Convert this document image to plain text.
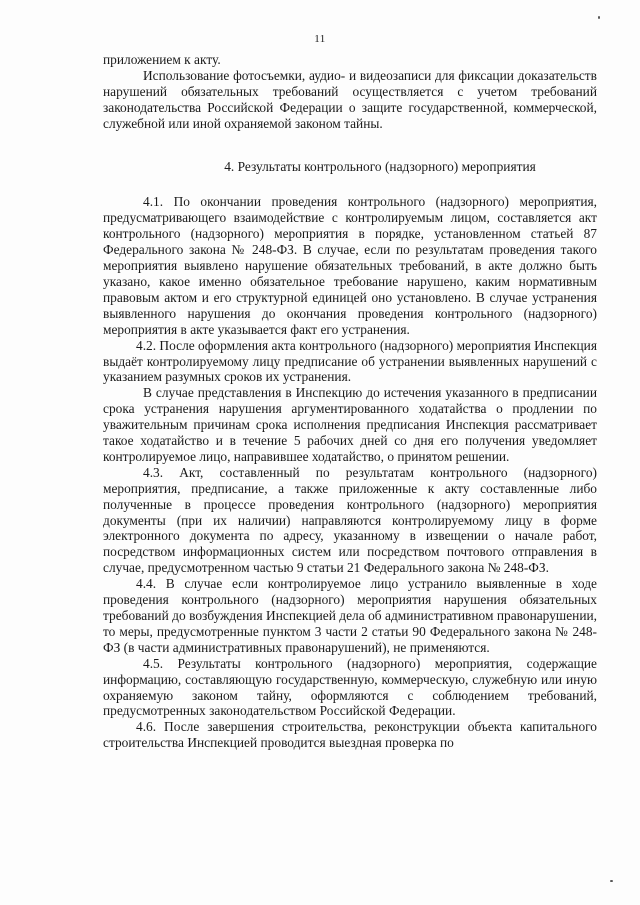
11

приложением к акту.

Использование фотосъемки, аудио- и видеозаписи для фиксации доказательств нарушений обязательных требований осуществляется с учетом требований законодательства Российской Федерации о защите государственной, коммерческой, служебной или иной охраняемой законом тайны.

4. Результаты контрольного (надзорного) мероприятия

4.1. По окончании проведения контрольного (надзорного) мероприятия, предусматривающего взаимодействие с контролируемым лицом, составляется акт контрольного (надзорного) мероприятия в порядке, установленном статьей 87 Федерального закона № 248-ФЗ. В случае, если по результатам проведения такого мероприятия выявлено нарушение обязательных требований, в акте должно быть указано, какое именно обязательное требование нарушено, каким нормативным правовым актом и его структурной единицей оно установлено. В случае устранения выявленного нарушения до окончания проведения контрольного (надзорного) мероприятия в акте указывается факт его устранения.

4.2. После оформления акта контрольного (надзорного) мероприятия Инспекция выдаёт контролируемому лицу предписание об устранении выявленных нарушений с указанием разумных сроков их устранения.

В случае представления в Инспекцию до истечения указанного в предписании срока устранения нарушения аргументированного ходатайства о продлении по уважительным причинам срока исполнения предписания Инспекция рассматривает такое ходатайство и в течение 5 рабочих дней со дня его получения уведомляет контролируемое лицо, направившее ходатайство, о принятом решении.

4.3. Акт, составленный по результатам контрольного (надзорного) мероприятия, предписание, а также приложенные к акту составленные либо полученные в процессе проведения контрольного (надзорного) мероприятия документы (при их наличии) направляются контролируемому лицу в форме электронного документа по адресу, указанному в извещении о начале работ, посредством информационных систем или посредством почтового отправления в случае, предусмотренном частью 9 статьи 21 Федерального закона № 248-ФЗ.

4.4. В случае если контролируемое лицо устранило выявленные в ходе проведения контрольного (надзорного) мероприятия нарушения обязательных требований до возбуждения Инспекцией дела об административном правонарушении, то меры, предусмотренные пунктом 3 части 2 статьи 90 Федерального закона № 248-ФЗ (в части административных правонарушений), не применяются.

4.5. Результаты контрольного (надзорного) мероприятия, содержащие информацию, составляющую государственную, коммерческую, служебную или иную охраняемую законом тайну, оформляются с соблюдением требований, предусмотренных законодательством Российской Федерации.

4.6. После завершения строительства, реконструкции объекта капитального строительства Инспекцией проводится выездная проверка по
